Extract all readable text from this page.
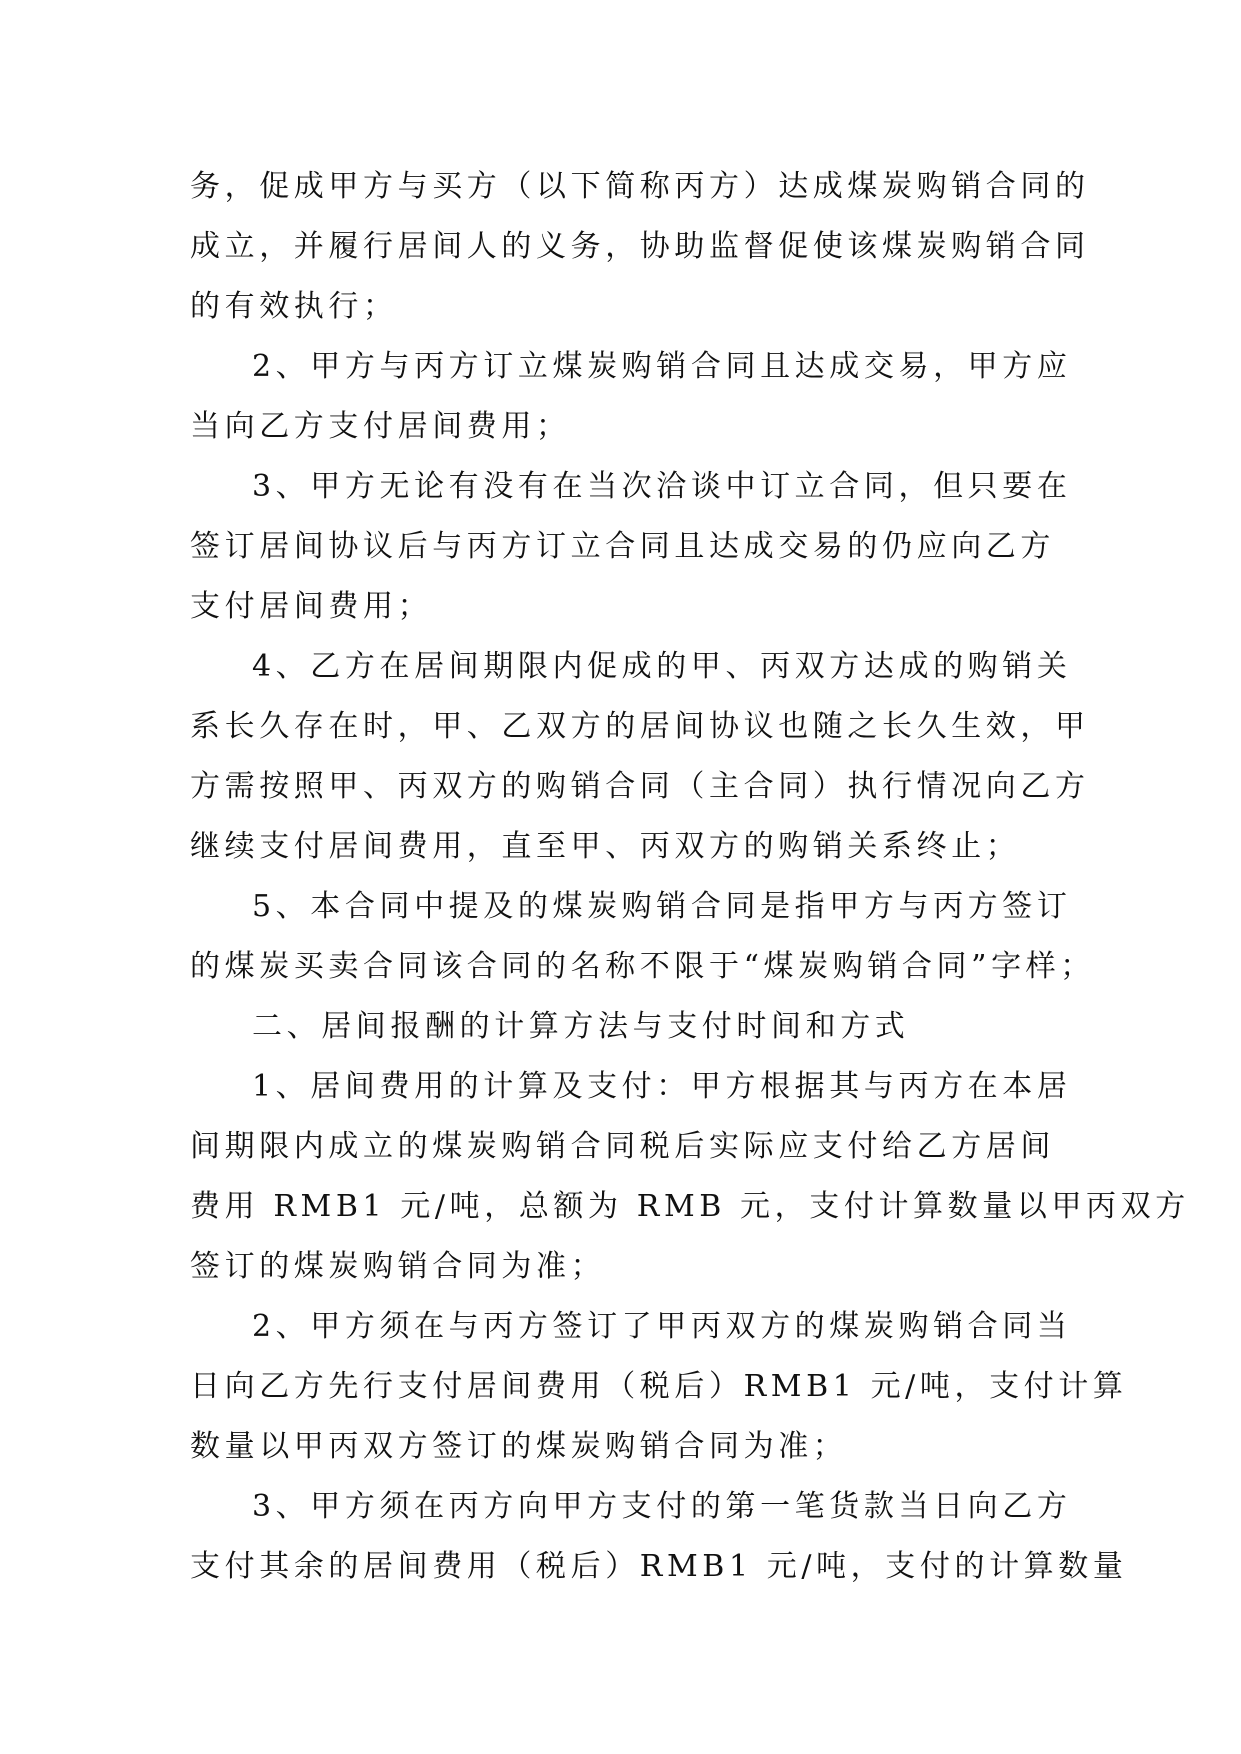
务，促成甲方与买方（以下简称丙方）达成煤炭购销合同的
成立，并履行居间人的义务，协助监督促使该煤炭购销合同
的有效执行；
2、甲方与丙方订立煤炭购销合同且达成交易，甲方应
当向乙方支付居间费用；
3、甲方无论有没有在当次洽谈中订立合同，但只要在
签订居间协议后与丙方订立合同且达成交易的仍应向乙方
支付居间费用；
4、乙方在居间期限内促成的甲、丙双方达成的购销关
系长久存在时，甲、乙双方的居间协议也随之长久生效，甲
方需按照甲、丙双方的购销合同（主合同）执行情况向乙方
继续支付居间费用，直至甲、丙双方的购销关系终止；
5、本合同中提及的煤炭购销合同是指甲方与丙方签订
的煤炭买卖合同该合同的名称不限于“煤炭购销合同”字样；
二、居间报酬的计算方法与支付时间和方式
1、居间费用的计算及支付：甲方根据其与丙方在本居
间期限内成立的煤炭购销合同税后实际应支付给乙方居间
费用 RMB1 元/吨，总额为 RMB 元，支付计算数量以甲丙双方
签订的煤炭购销合同为准；
2、甲方须在与丙方签订了甲丙双方的煤炭购销合同当
日向乙方先行支付居间费用（税后）RMB1 元/吨，支付计算
数量以甲丙双方签订的煤炭购销合同为准；
3、甲方须在丙方向甲方支付的第一笔货款当日向乙方
支付其余的居间费用（税后）RMB1 元/吨，支付的计算数量
